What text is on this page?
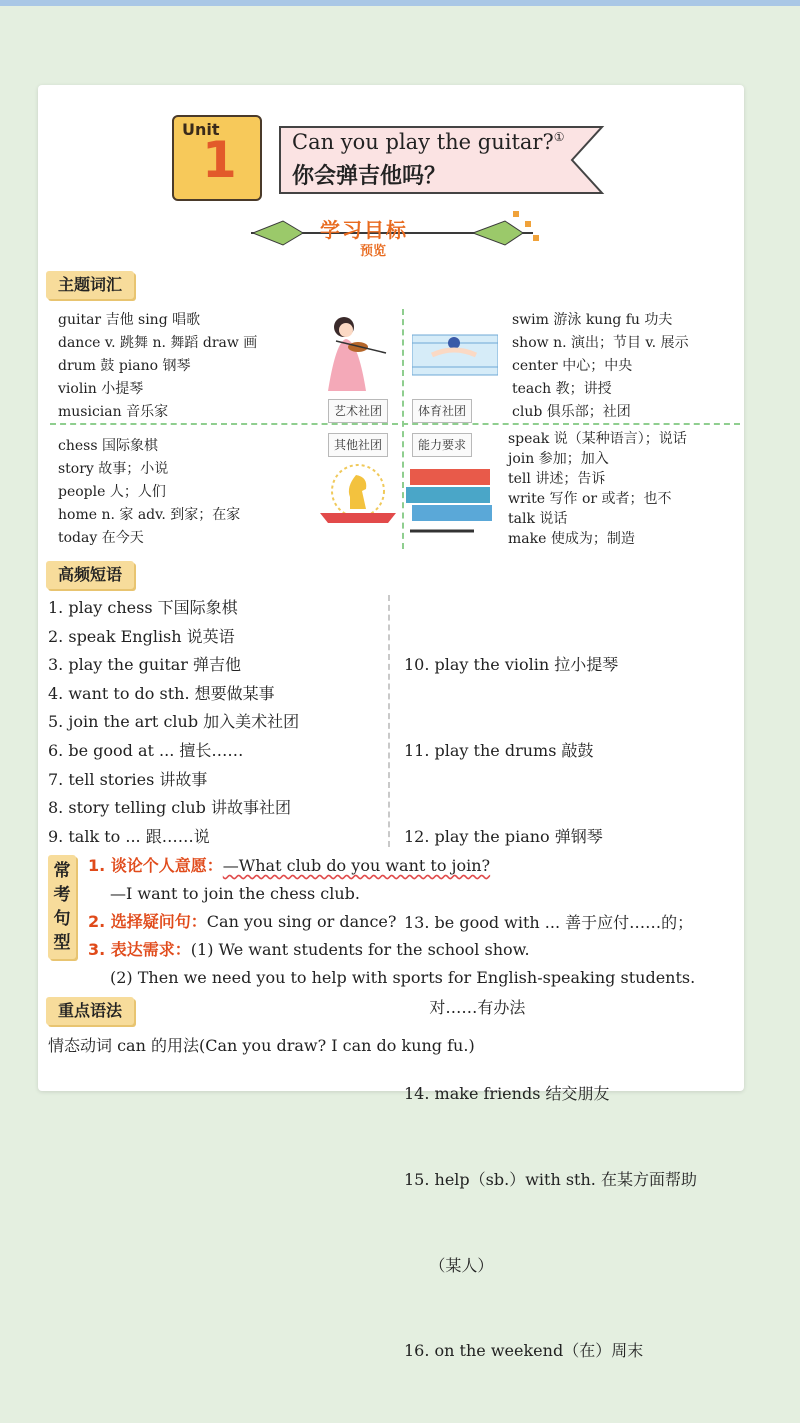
Unit
1	Can you play the guitar?①
你会弹吉他吗？
学习目标
预览
主题词汇
guitar 吉他 sing 唱歌
dance v. 跳舞 n. 舞蹈 draw 画
drum 鼓 piano 钢琴
violin 小提琴
musician 音乐家
swim 游泳 kung fu 功夫
show n. 演出；节目 v. 展示
center 中心；中央
teach 教；讲授
club 俱乐部；社团
chess 国际象棋
story 故事；小说
people 人；人们
home n. 家 adv. 到家；在家
today 在今天
speak 说（某种语言）；说话
join 参加；加入
tell 讲述；告诉
write 写作 or 或者；也不
talk 说话
make 使成为；制造
艺术社团	体育社团
其他社团	能力要求
Chess Club
高频短语
1. play chess 下国际象棋
2. speak English 说英语
3. play the guitar 弹吉他
4. want to do sth. 想要做某事
5. join the art club 加入美术社团
6. be good at ... 擅长……
7. tell stories 讲故事
8. story telling club 讲故事社团
9. talk to ... 跟……说

10. play the violin 拉小提琴

11. play the drums 敲鼓

12. play the piano 弹钢琴

13. be good with ... 善于应付……的；

对……有办法

14. make friends 结交朋友

15. help（sb.）with sth. 在某方面帮助

（某人）

16. on the weekend（在）周末

常考句型
1. 谈论个人意愿：—What club do you want to join?
—I want to join the chess club.
2. 选择疑问句：Can you sing or dance?
3. 表达需求：(1) We want students for the school show.
(2) Then we need you to help with sports for English-speaking students.
重点语法
情态动词 can 的用法(Can you draw? I can do kung fu.)
